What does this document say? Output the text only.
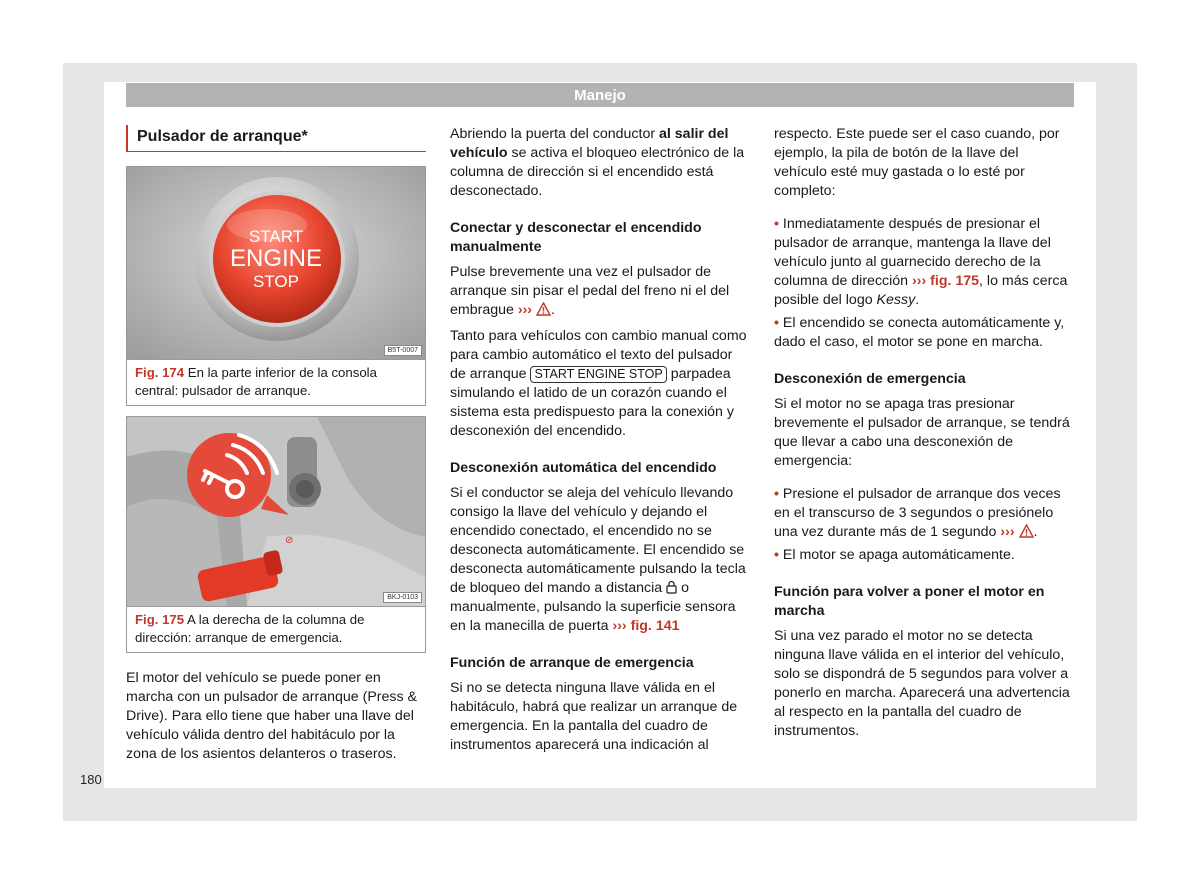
Manejo
Pulsador de arranque*
START
ENGINE
STOP
B5T-0007
Fig. 174 En la parte inferior de la consola central: pulsador de arranque.
⊘
BKJ-0103
Fig. 175 A la derecha de la columna de dirección: arranque de emergencia.

El motor del vehículo se puede poner en marcha con un pulsador de arranque (Press & Drive). Para ello tiene que haber una llave del vehículo válida dentro del habitáculo por la zona de los asientos delanteros o traseros.

Abriendo la puerta del conductor al salir del vehículo se activa el bloqueo electrónico de la columna de dirección si el encendido está desconectado.

Conectar y desconectar el encendido manualmente

Pulse brevemente una vez el pulsador de arranque sin pisar el pedal del freno ni el del embrague ››› .

Tanto para vehículos con cambio manual como para cambio automático el texto del pulsador de arranque START ENGINE STOP parpadea simulando el latido de un corazón cuando el sistema esta predispuesto para la conexión y desconexión del encendido.

Desconexión automática del encendido

Si el conductor se aleja del vehículo llevando consigo la llave del vehículo y dejando el encendido conectado, el encendido no se desconecta automáticamente. El encendido se desconecta automáticamente pulsando la tecla de bloqueo del mando a distancia o manualmente, pulsando la superficie sensora en la manecilla de puerta ››› fig. 141

Función de arranque de emergencia

Si no se detecta ninguna llave válida en el habitáculo, habrá que realizar un arranque de emergencia. En la pantalla del cuadro de instrumentos aparecerá una indicación al

respecto. Este puede ser el caso cuando, por ejemplo, la pila de botón de la llave del vehículo esté muy gastada o lo esté por completo:

• Inmediatamente después de presionar el pulsador de arranque, mantenga la llave del vehículo junto al guarnecido derecho de la columna de dirección ››› fig. 175, lo más cerca posible del logo Kessy.

• El encendido se conecta automáticamente y, dado el caso, el motor se pone en marcha.

Desconexión de emergencia

Si el motor no se apaga tras presionar brevemente el pulsador de arranque, se tendrá que llevar a cabo una desconexión de emergencia:

• Presione el pulsador de arranque dos veces en el transcurso de 3 segundos o presiónelo una vez durante más de 1 segundo ››› .

• El motor se apaga automáticamente.

Función para volver a poner el motor en marcha

Si una vez parado el motor no se detecta ninguna llave válida en el interior del vehículo, solo se dispondrá de 5 segundos para volver a ponerlo en marcha. Aparecerá una advertencia al respecto en la pantalla del cuadro de instrumentos.

180
